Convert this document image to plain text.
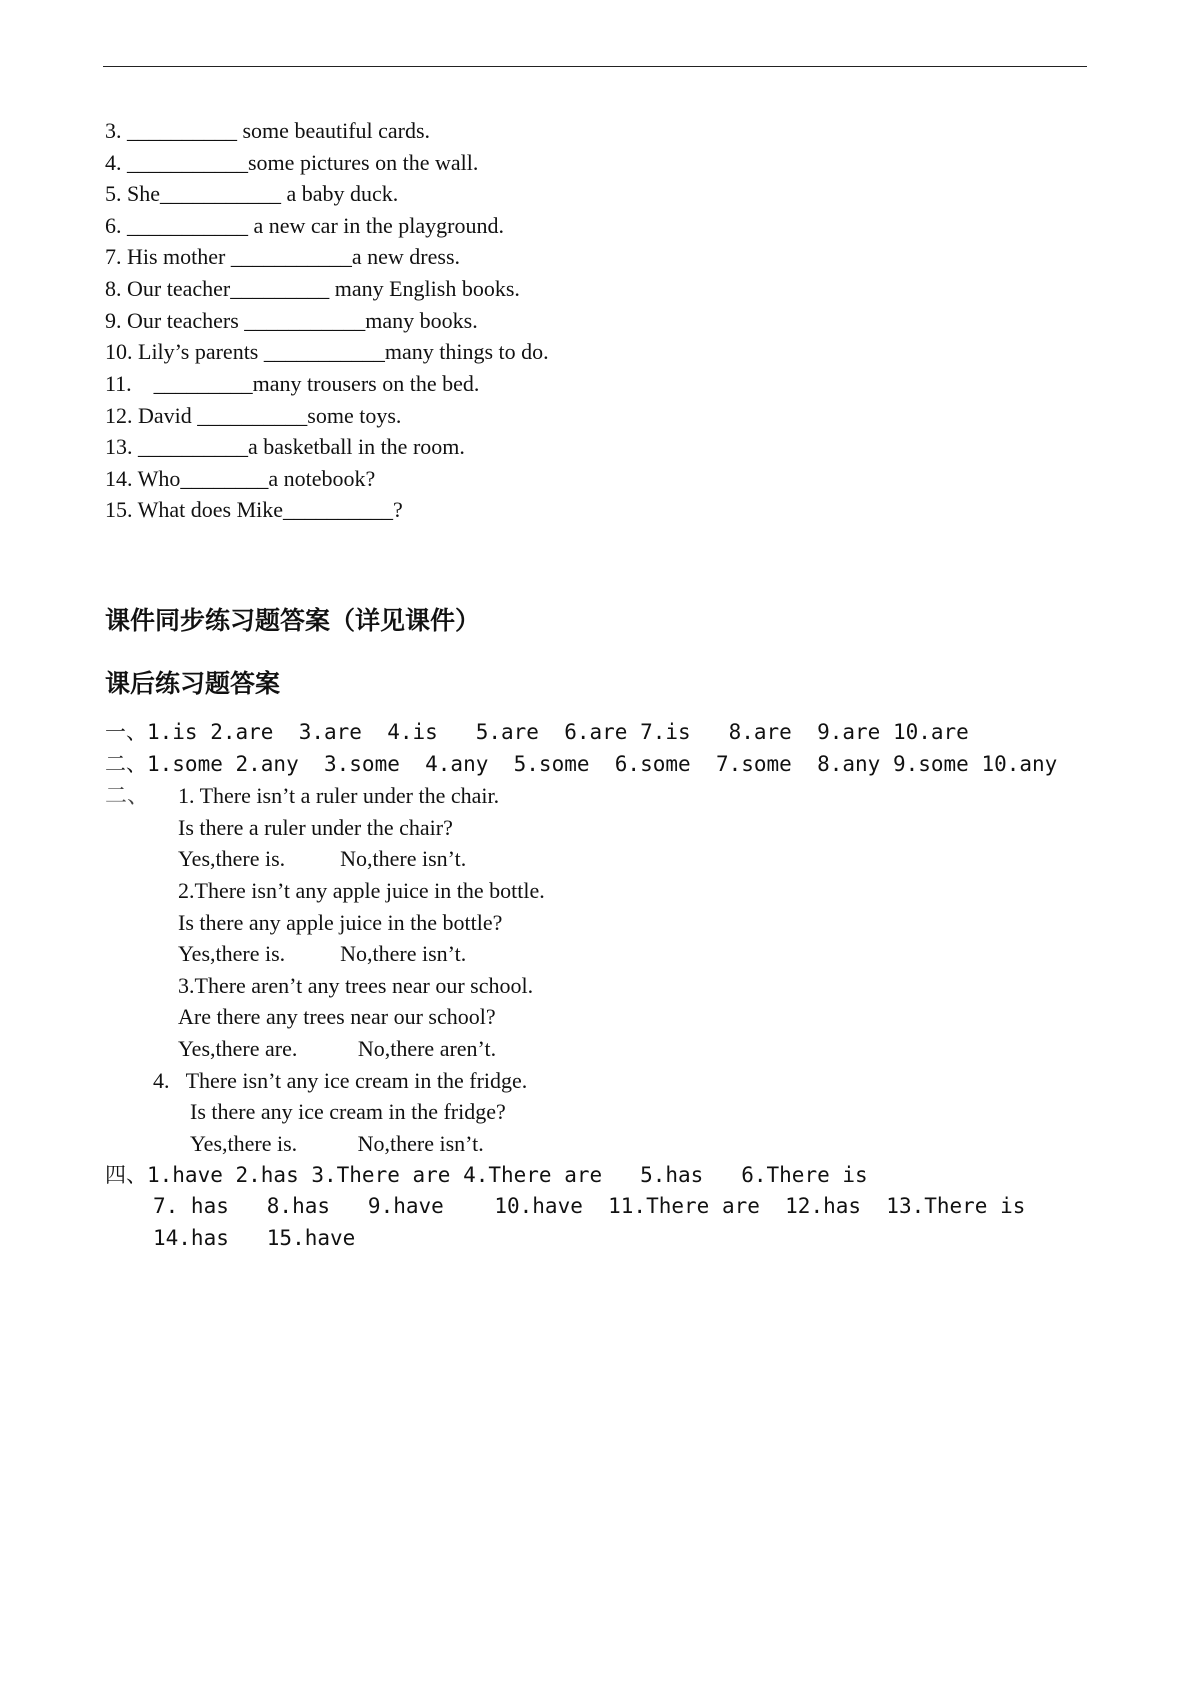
3. __________ some beautiful cards.
4. ___________some pictures on the wall.
5. She___________ a baby duck.
6. ___________ a new car in the playground.
7. His mother ___________a new dress.
8. Our teacher_________ many English books.
9. Our teachers ___________many books.
10. Lily’s parents ___________many things to do.
11.    _________many trousers on the bed.
12. David __________some toys.
13. __________a basketball in the room.
14. Who________a notebook?
15. What does Mike__________?
课件同步练习题答案（详见课件）
课后练习题答案
一、1.is 2.are  3.are  4.is   5.are  6.are 7.is   8.are  9.are 10.are
二、1.some 2.any  3.some  4.any  5.some  6.some  7.some  8.any 9.some 10.any
二、 1. There isn’t a ruler under the chair.
Is there a ruler under the chair?
Yes,there is.          No,there isn’t.
2.There isn’t any apple juice in the bottle.
Is there any apple juice in the bottle?
Yes,there is.          No,there isn’t.
3.There aren’t any trees near our school.
Are there any trees near our school?
Yes,there are.           No,there aren’t.
4.   There isn’t any ice cream in the fridge.
Is there any ice cream in the fridge?
Yes,there is.           No,there isn’t.
四、1.have 2.has 3.There are 4.There are   5.has   6.There is
7. has   8.has   9.have    10.have  11.There are  12.has  13.There is
14.has   15.have
